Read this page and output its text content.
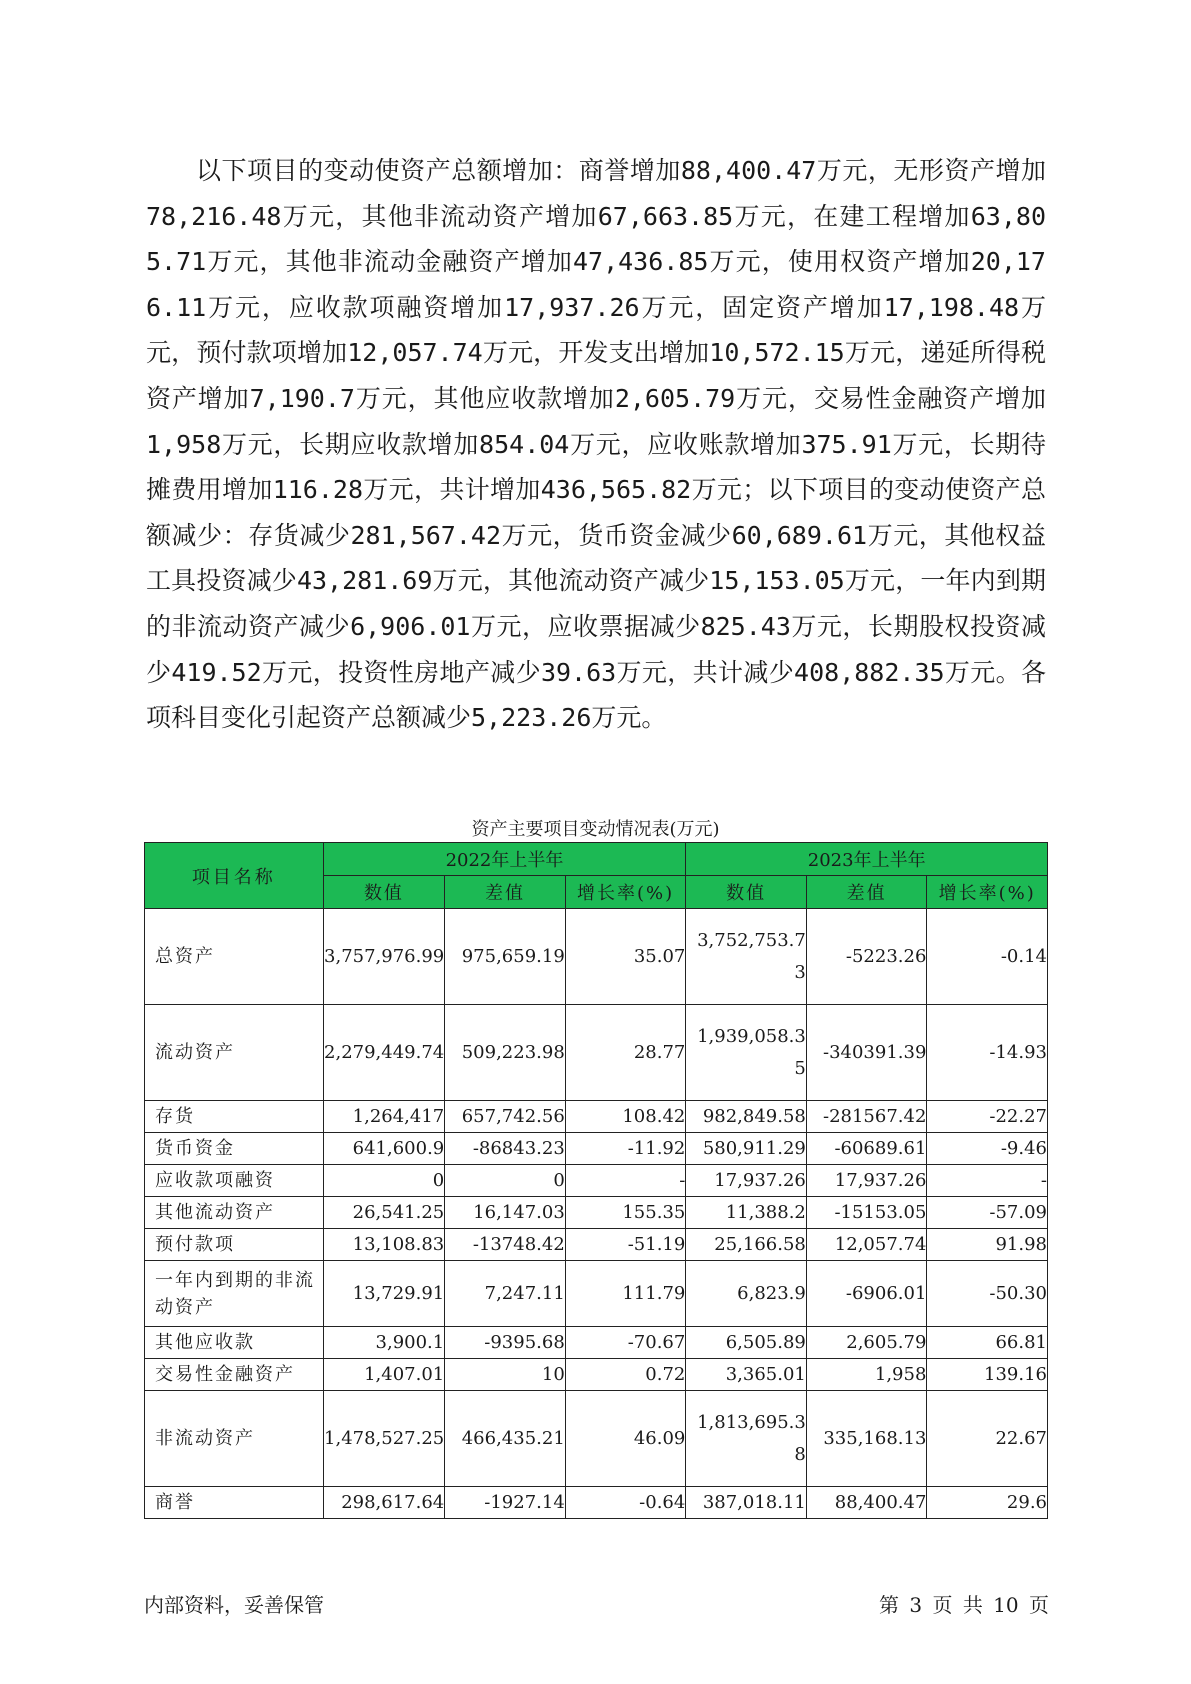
以下项目的变动使资产总额增加：商誉增加88,400.47万元，无形资产增加78,216.48万元，其他非流动资产增加67,663.85万元，在建工程增加63,805.71万元，其他非流动金融资产增加47,436.85万元，使用权资产增加20,176.11万元，应收款项融资增加17,937.26万元，固定资产增加17,198.48万元，预付款项增加12,057.74万元，开发支出增加10,572.15万元，递延所得税资产增加7,190.7万元，其他应收款增加2,605.79万元，交易性金融资产增加1,958万元，长期应收款增加854.04万元，应收账款增加375.91万元，长期待摊费用增加116.28万元，共计增加436,565.82万元；以下项目的变动使资产总额减少：存货减少281,567.42万元，货币资金减少60,689.61万元，其他权益工具投资减少43,281.69万元，其他流动资产减少15,153.05万元，一年内到期的非流动资产减少6,906.01万元，应收票据减少825.43万元，长期股权投资减少419.52万元，投资性房地产减少39.63万元，共计减少408,882.35万元。各项科目变化引起资产总额减少5,223.26万元。

资产主要项目变动情况表(万元)
项目名称	2022年上半年			2023年上半年		
	数值	差值	增长率(%)	数值	差值	增长率(%)
总资产	3,757,976.99	975,659.19	35.07	3,752,753.73	-5223.26	-0.14

流动资产	2,279,449.74	509,223.98	28.77	1,939,058.35	-340391.39	-14.93

存货	1,264,417	657,742.56	108.42	982,849.58	-281567.42	-22.27

货币资金	641,600.9	-86843.23	-11.92	580,911.29	-60689.61	-9.46

应收款项融资	0	0	-	17,937.26	17,937.26	-

其他流动资产	26,541.25	16,147.03	155.35	11,388.2	-15153.05	-57.09

预付款项	13,108.83	-13748.42	-51.19	25,166.58	12,057.74	91.98

一年内到期的非流动资产	13,729.91	7,247.11	111.79	6,823.9	-6906.01	-50.30

其他应收款	3,900.1	-9395.68	-70.67	6,505.89	2,605.79	66.81

交易性金融资产	1,407.01	10	0.72	3,365.01	1,958	139.16

非流动资产	1,478,527.25	466,435.21	46.09	1,813,695.38	335,168.13	22.67

商誉	298,617.64	-1927.14	-0.64	387,018.11	88,400.47	29.6
内部资料，妥善保管	第 3 页 共 10 页
